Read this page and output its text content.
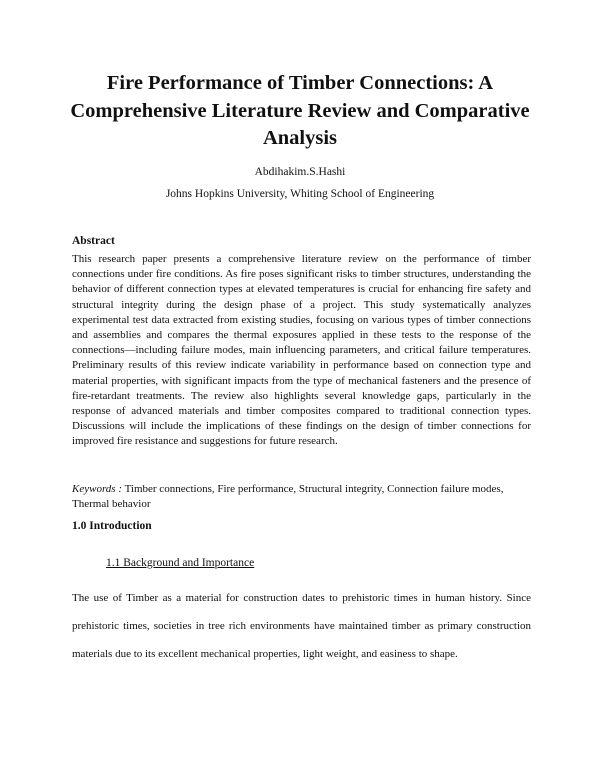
Fire Performance of Timber Connections: A Comprehensive Literature Review and Comparative Analysis
Abdihakim.S.Hashi
Johns Hopkins University, Whiting School of Engineering
Abstract

This research paper presents a comprehensive literature review on the performance of timber connections under fire conditions. As fire poses significant risks to timber structures, understanding the behavior of different connection types at elevated temperatures is crucial for enhancing fire safety and structural integrity during the design phase of a project. This study systematically analyzes experimental test data extracted from existing studies, focusing on various types of timber connections and assemblies and compares the thermal exposures applied in these tests to the response of the connections—including failure modes, main influencing parameters, and critical failure temperatures. Preliminary results of this review indicate variability in performance based on connection type and material properties, with significant impacts from the type of mechanical fasteners and the presence of fire-retardant treatments. The review also highlights several knowledge gaps, particularly in the response of advanced materials and timber composites compared to traditional connection types. Discussions will include the implications of these findings on the design of timber connections for improved fire resistance and suggestions for future research.

Keywords : Timber connections, Fire performance, Structural integrity, Connection failure modes, Thermal behavior

1.0 Introduction
1.1 Background and Importance

The use of Timber as a material for construction dates to prehistoric times in human history. Since prehistoric times, societies in tree rich environments have maintained timber as primary construction materials due to its excellent mechanical properties, light weight, and easiness to shape.
